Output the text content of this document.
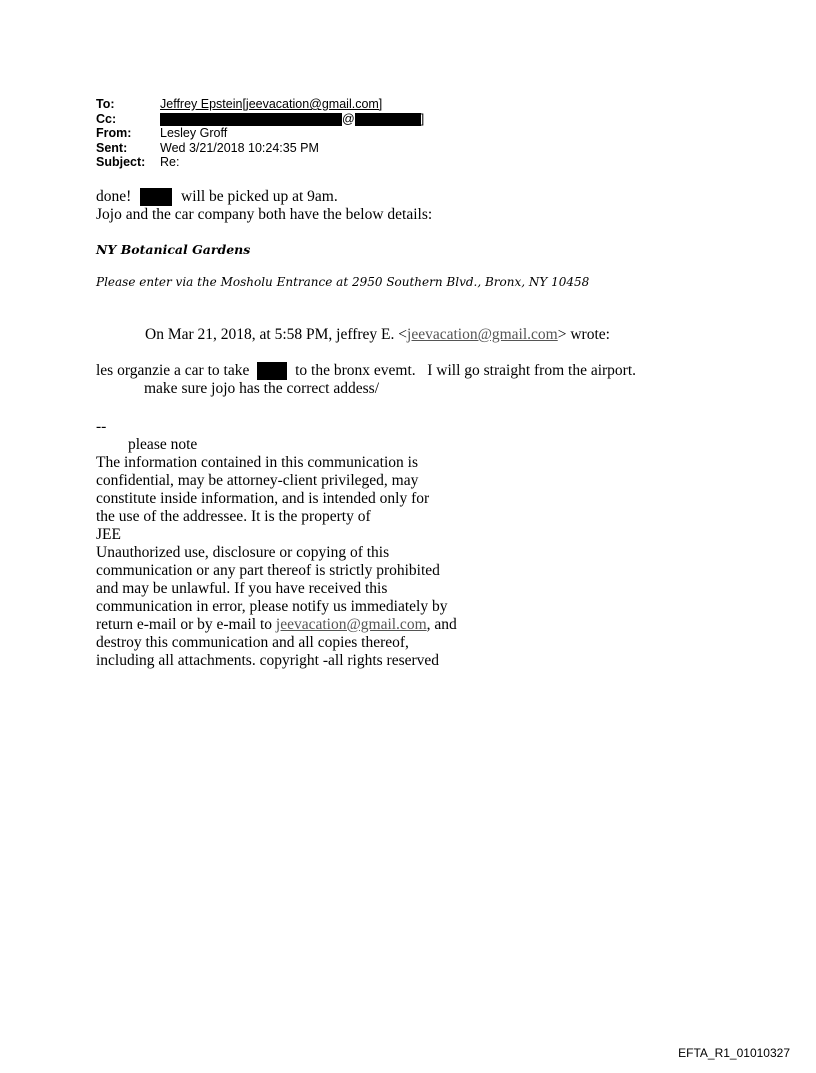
To:	Jeffrey Epstein[jeevacation@gmail.com]
Cc:	@	]
From:	Lesley Groff
Sent:	Wed 3/21/2018 10:24:35 PM
Subject:	Re:
done!	will be picked up at 9am.
Jojo and the car company both have the below details:
NY Botanical Gardens
Please enter via the Mosholu Entrance at 2950 Southern Blvd., Bronx, NY 10458
On Mar 21, 2018, at 5:58 PM, jeffrey E. <jeevacation@gmail.com> wrote:
les organzie a car to take	to the bronx evemt.   I will go straight from the airport.
make sure jojo has the correct addess/
--
please note
The information contained in this communication is
confidential, may be attorney-client privileged, may
constitute inside information, and is intended only for
the use of the addressee. It is the property of
JEE
Unauthorized use, disclosure or copying of this
communication or any part thereof is strictly prohibited
and may be unlawful. If you have received this
communication in error, please notify us immediately by
return e-mail or by e-mail to jeevacation@gmail.com, and
destroy this communication and all copies thereof,
including all attachments. copyright -all rights reserved
EFTA_R1_01010327
